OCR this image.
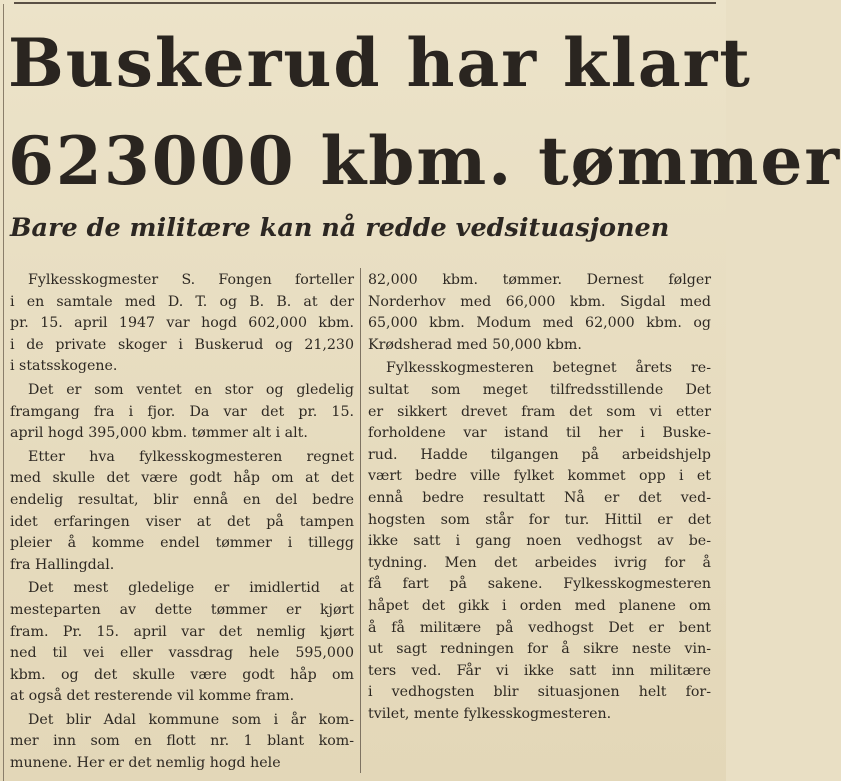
Buskerud har klart
623000 kbm. tømmer
Bare de militære kan nå redde vedsituasjonen
Fylkesskogmester S. Fongen forteller
i en samtale med D. T. og B. B. at der
pr. 15. april 1947 var hogd 602,000 kbm.
i de private skoger i Buskerud og 21,230
i statsskogene.
Det er som ventet en stor og gledelig
framgang fra i fjor. Da var det pr. 15.
april hogd 395,000 kbm. tømmer alt i alt.
Etter hva fylkesskogmesteren regnet
med skulle det være godt håp om at det
endelig resultat, blir ennå en del bedre
idet erfaringen viser at det på tampen
pleier å komme endel tømmer i tillegg
fra Hallingdal.
Det mest gledelige er imidlertid at
mesteparten av dette tømmer er kjørt
fram. Pr. 15. april var det nemlig kjørt
ned til vei eller vassdrag hele 595,000
kbm. og det skulle være godt håp om
at også det resterende vil komme fram.
Det blir Adal kommune som i år kom-
mer inn som en flott nr. 1 blant kom-
munene. Her er det nemlig hogd hele
82,000 kbm. tømmer. Dernest følger
Norderhov med 66,000 kbm. Sigdal med
65,000 kbm. Modum med 62,000 kbm. og
Krødsherad med 50,000 kbm.
Fylkesskogmesteren betegnet årets re-
sultat som meget tilfredsstillende Det
er sikkert drevet fram det som vi etter
forholdene var istand til her i Buske-
rud. Hadde tilgangen på arbeidshjelp
vært bedre ville fylket kommet opp i et
ennå bedre resultatt Nå er det ved-
hogsten som står for tur. Hittil er det
ikke satt i gang noen vedhogst av be-
tydning. Men det arbeides ivrig for å
få fart på sakene. Fylkesskogmesteren
håpet det gikk i orden med planene om
å få militære på vedhogst Det er bent
ut sagt redningen for å sikre neste vin-
ters ved. Får vi ikke satt inn militære
i vedhogsten blir situasjonen helt for-
tvilet, mente fylkesskogmesteren.
